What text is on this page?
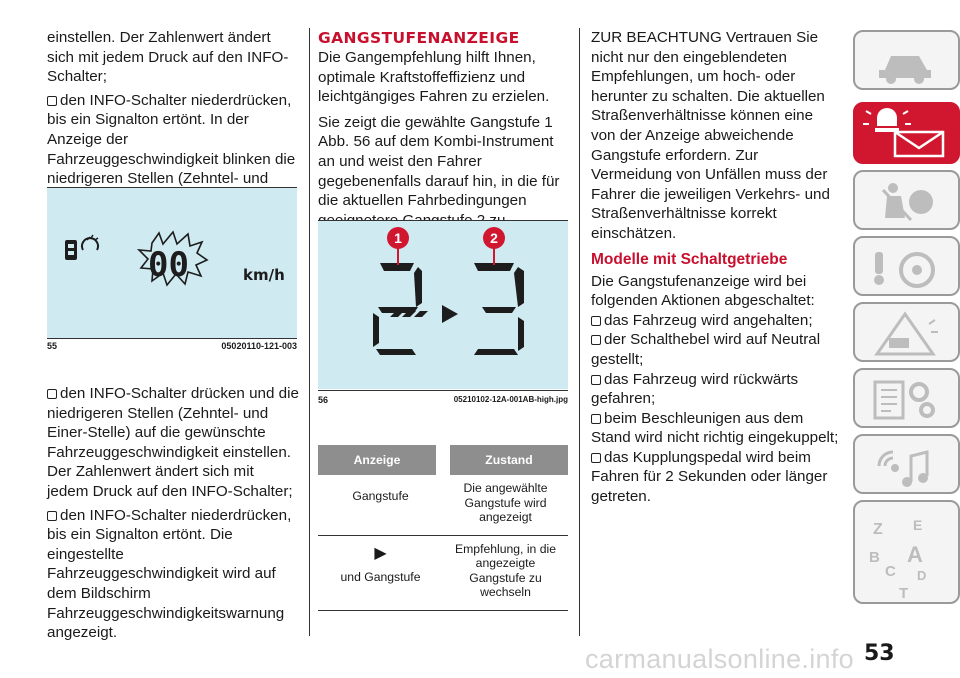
einstellen. Der Zahlenwert ändert sich mit jedem Druck auf den INFO-Schalter;

den INFO-Schalter niederdrücken, bis ein Signalton ertönt. In der Anzeige der Fahrzeuggeschwindigkeit blinken die niedrigeren Stellen (Zehntel- und

00	km/h
55	05020110-121-003

den INFO-Schalter drücken und die niedrigeren Stellen (Zehntel- und Einer-Stelle) auf die gewünschte Fahrzeuggeschwindigkeit einstellen. Der Zahlenwert ändert sich mit jedem Druck auf den INFO-Schalter;

den INFO-Schalter niederdrücken, bis ein Signalton ertönt. Die eingestellte Fahrzeuggeschwindigkeit wird auf dem Bildschirm Fahrzeuggeschwindigkeitswarnung angezeigt.

GANGSTUFENANZEIGE

Die Gangempfehlung hilft Ihnen, optimale Kraftstoffeffizienz und leichtgängiges Fahren zu erzielen.

Sie zeigt die gewählte Gangstufe 1 Abb. 56 auf dem Kombi-Instrument an und weist den Fahrer gegebenenfalls darauf hin, in die für die aktuellen Fahrbedingungen

1	2
56	05210102-12A-001AB-high.jpg
Anzeige	Zustand
Gangstufe	Die angewählte Gangstufe wird angezeigt

▶
und Gangstufe	Empfehlung, in die angezeigte Gangstufe zu wechseln

ZUR BEACHTUNG Vertrauen Sie nicht nur den eingeblendeten Empfehlungen, um hoch- oder herunter zu schalten. Die aktuellen Straßenverhältnisse können eine von der Anzeige abweichende Gangstufe erfordern. Zur Vermeidung von Unfällen muss der Fahrer die jeweiligen Verkehrs- und Straßenverhältnisse korrekt einschätzen.

Modelle mit Schaltgetriebe

Die Gangstufenanzeige wird bei folgenden Aktionen abgeschaltet:

das Fahrzeug wird angehalten;
der Schalthebel wird auf Neutral gestellt;
das Fahrzeug wird rückwärts gefahren;
beim Beschleunigen aus dem Stand wird nicht richtig eingekuppelt;
das Kupplungspedal wird beim Fahren für 2 Sekunden oder länger getreten.
Z E
B A
C D
T
53
carmanualsonline.info
